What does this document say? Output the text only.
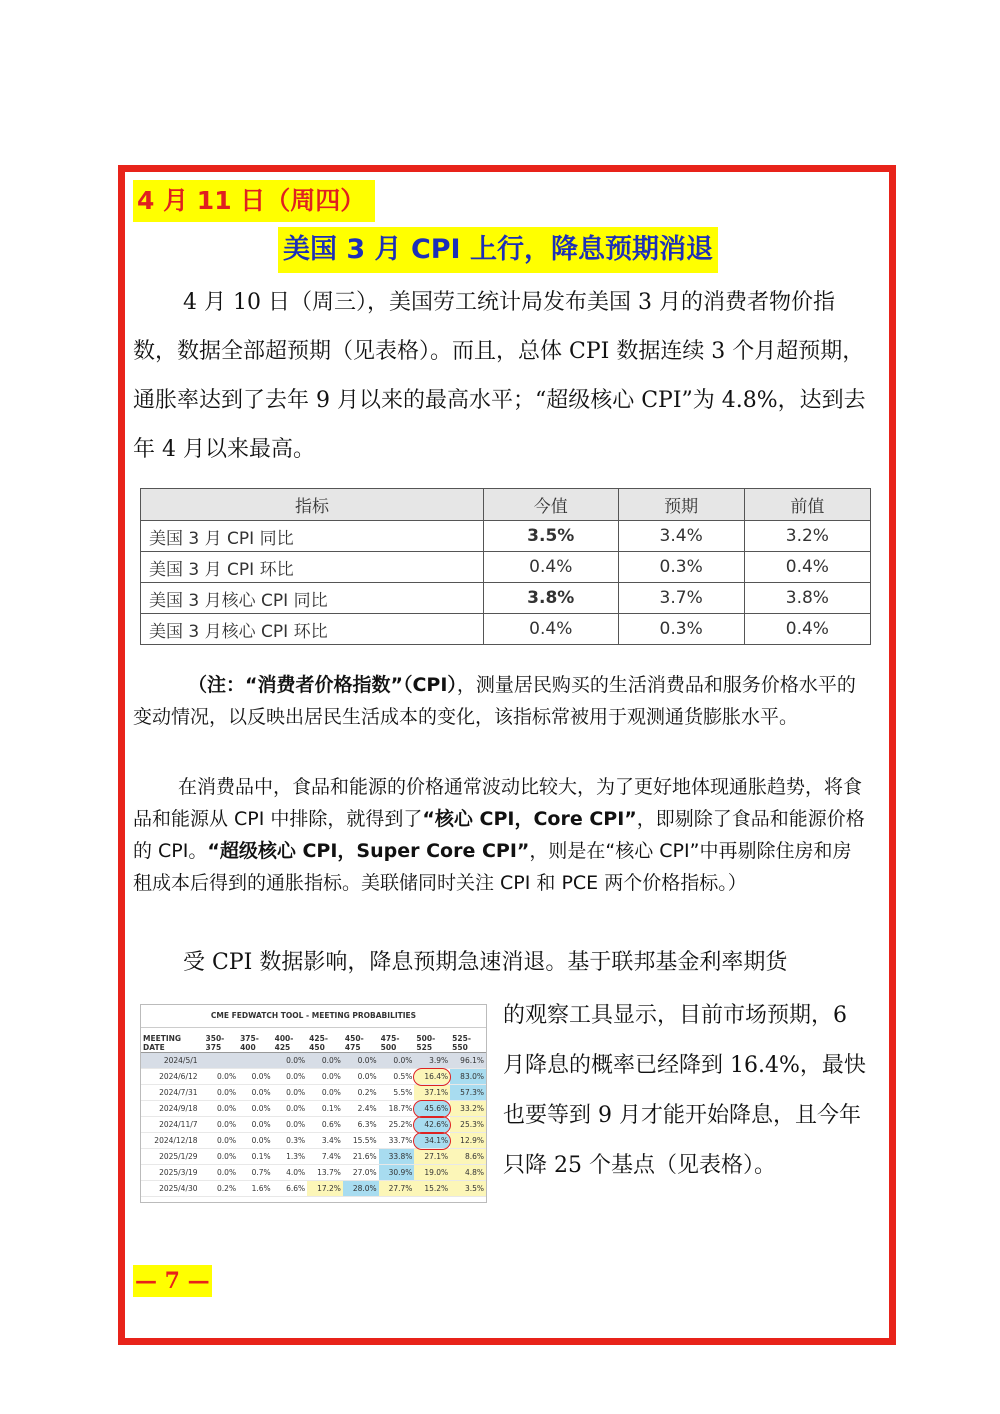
4 月 11 日（周四）
美国 3 月 CPI 上行，降息预期消退

4 月 10 日（周三），美国劳工统计局发布美国 3 月的消费者物价指数，数据全部超预期（见表格）。而且，总体 CPI 数据连续 3 个月超预期，通胀率达到了去年 9 月以来的最高水平；“超级核心 CPI”为 4.8%，达到去年 4 月以来最高。

指标	今值	预期	前值
美国 3 月 CPI 同比	3.5%	3.4%	3.2%
美国 3 月 CPI 环比	0.4%	0.3%	0.4%
美国 3 月核心 CPI 同比	3.8%	3.7%	3.8%
美国 3 月核心 CPI 环比	0.4%	0.3%	0.4%

（注：“消费者价格指数”（CPI），测量居民购买的生活消费品和服务价格水平的变动情况，以反映出居民生活成本的变化，该指标常被用于观测通货膨胀水平。

在消费品中，食品和能源的价格通常波动比较大，为了更好地体现通胀趋势，将食品和能源从 CPI 中排除，就得到了“核心 CPI，Core CPI”，即剔除了食品和能源价格的 CPI。“超级核心 CPI，Super Core CPI”，则是在“核心 CPI”中再剔除住房和房租成本后得到的通胀指标。美联储同时关注 CPI 和 PCE 两个价格指标。）

受 CPI 数据影响，降息预期急速消退。基于联邦基金利率期货

CME FEDWATCH TOOL - MEETING PROBABILITIES
MEETING DATE	350-375	375-400	400-425	425-450	450-475	475-500	500-525	525-550
2024/5/1			0.0%	0.0%	0.0%	0.0%	3.9%	96.1%
2024/6/12	0.0%	0.0%	0.0%	0.0%	0.0%	0.5%	16.4%	83.0%
2024/7/31	0.0%	0.0%	0.0%	0.0%	0.2%	5.5%	37.1%	57.3%
2024/9/18	0.0%	0.0%	0.0%	0.1%	2.4%	18.7%	45.6%	33.2%
2024/11/7	0.0%	0.0%	0.0%	0.6%	6.3%	25.2%	42.6%	25.3%
2024/12/18	0.0%	0.0%	0.3%	3.4%	15.5%	33.7%	34.1%	12.9%
2025/1/29	0.0%	0.1%	1.3%	7.4%	21.6%	33.8%	27.1%	8.6%
2025/3/19	0.0%	0.7%	4.0%	13.7%	27.0%	30.9%	19.0%	4.8%
2025/4/30	0.2%	1.6%	6.6%	17.2%	28.0%	27.7%	15.2%	3.5%

的观察工具显示，目前市场预期，6 月降息的概率已经降到 16.4%，最快也要等到 9 月才能开始降息，且今年只降 25 个基点（见表格）。

— 7 —
